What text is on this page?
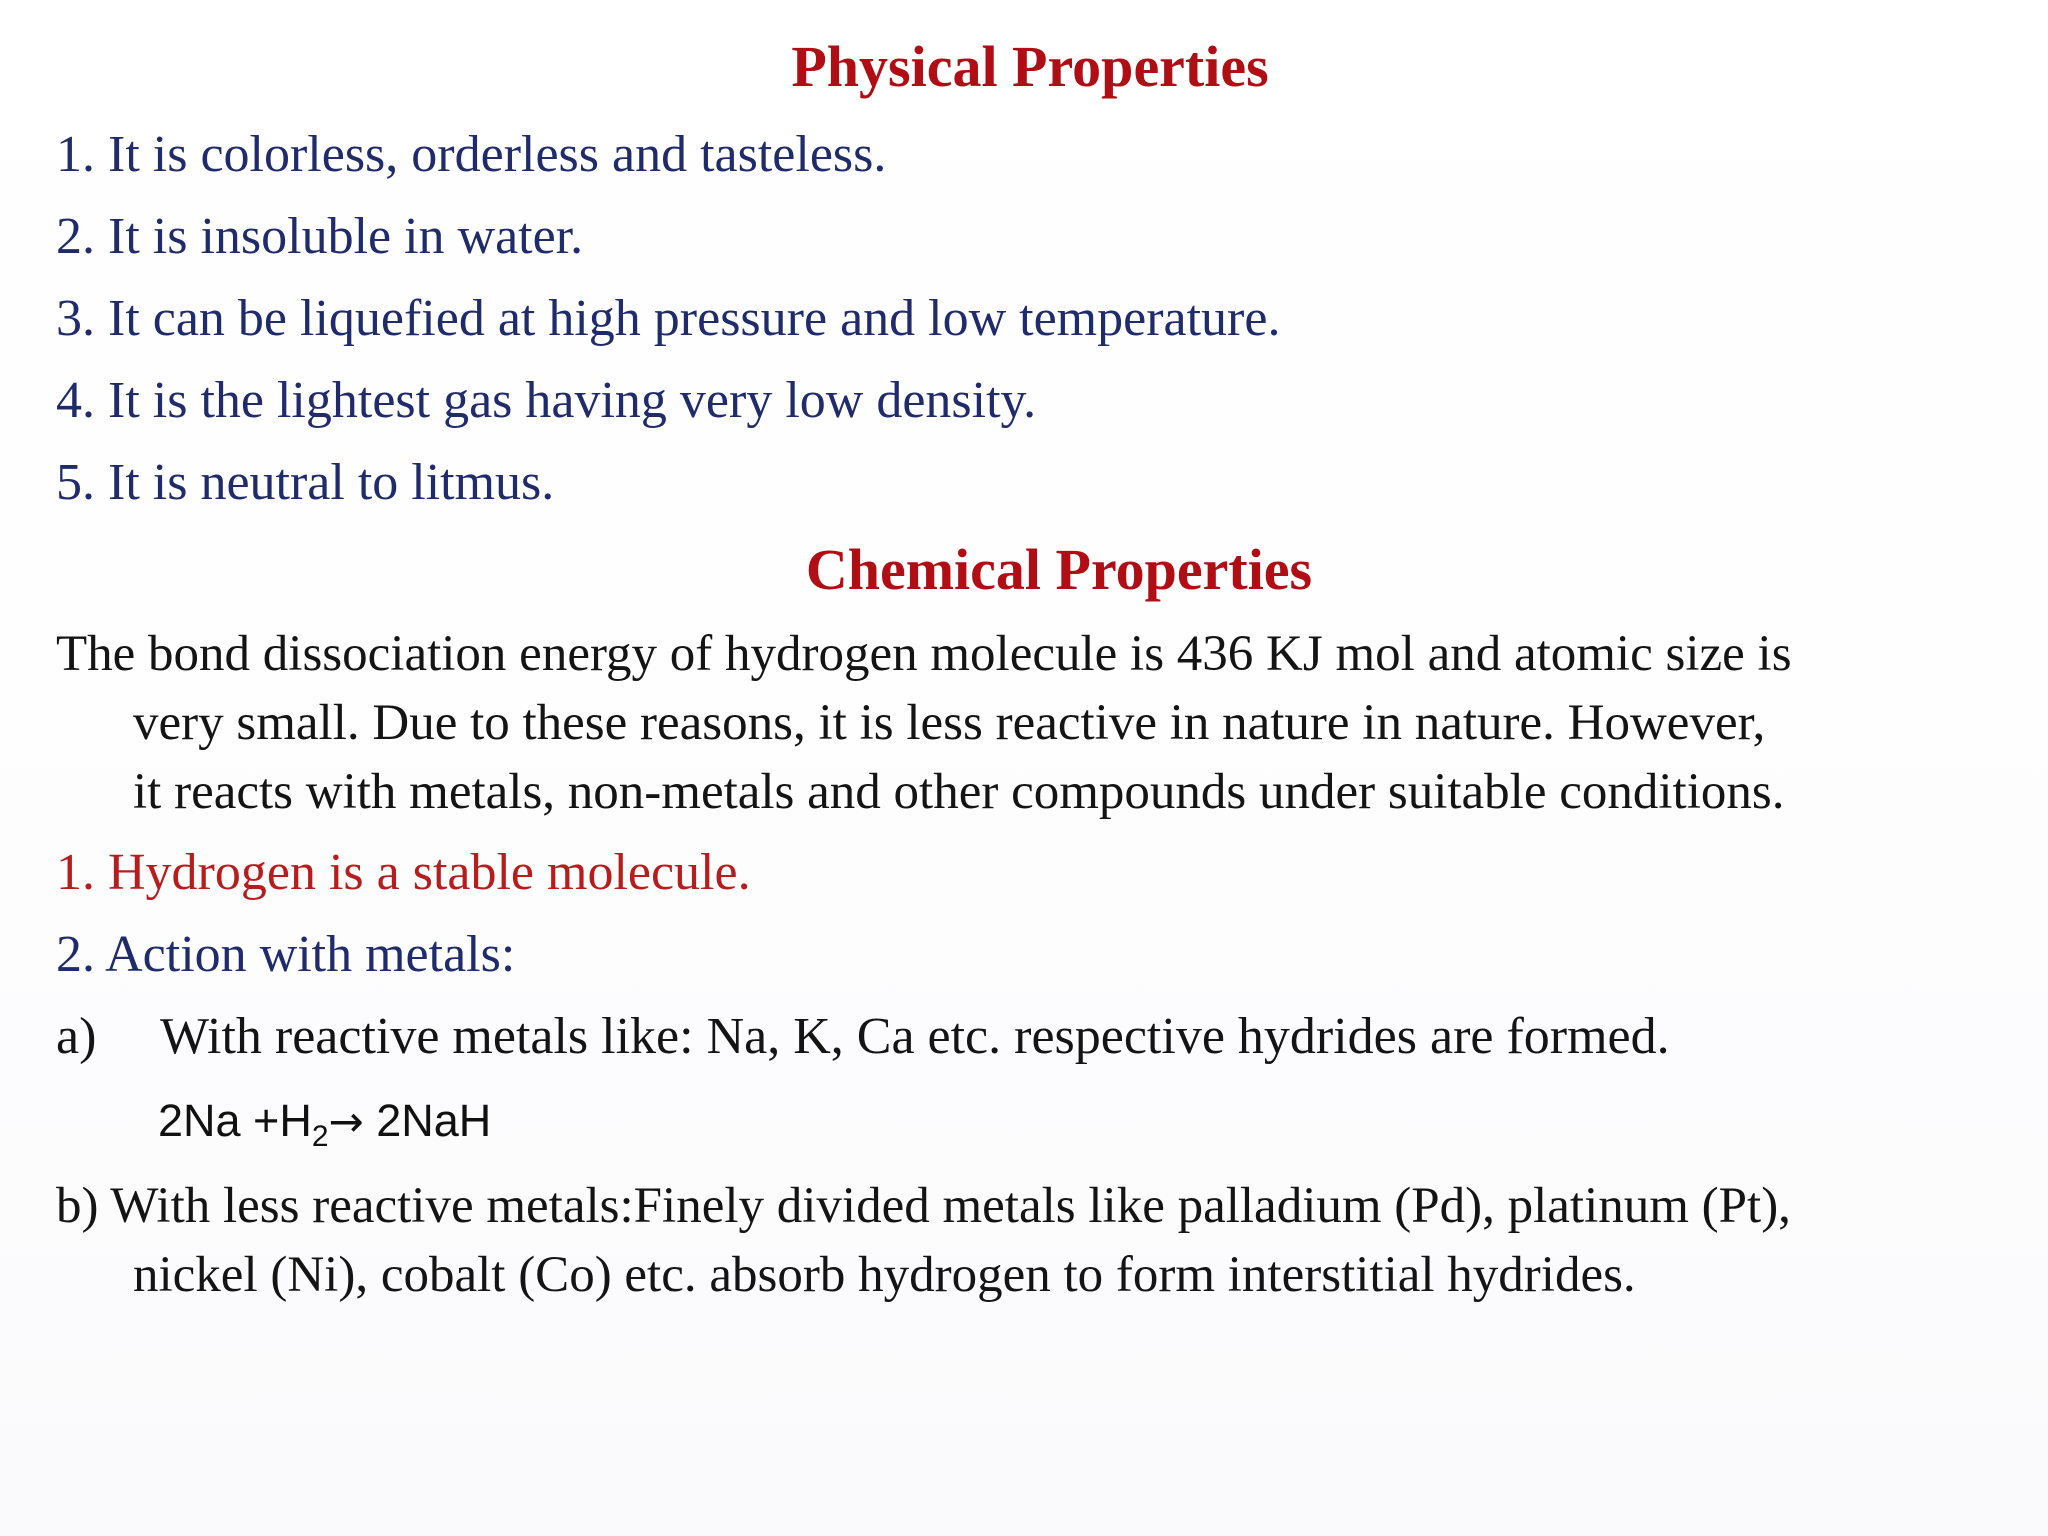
Physical Properties

1. It is colorless, orderless and tasteless.

2. It is insoluble in water.

3. It can be liquefied at high pressure and low temperature.

4. It is the lightest gas having very low density.

5. It is neutral to litmus.

Chemical Properties

The bond dissociation energy of hydrogen molecule is 436 KJ mol and atomic size is
very small. Due to these reasons, it is less reactive in nature in nature. However,
it reacts with metals, non-metals and other compounds under suitable conditions.

1. Hydrogen is a stable molecule.

2. Action with metals:

a) With reactive metals like: Na, K, Ca etc. respective hydrides are formed.

$2Na +H_2\to 2NaH$

b) With less reactive metals:Finely divided metals like palladium (Pd), platinum (Pt),
nickel (Ni), cobalt (Co) etc. absorb hydrogen to form interstitial hydrides.
